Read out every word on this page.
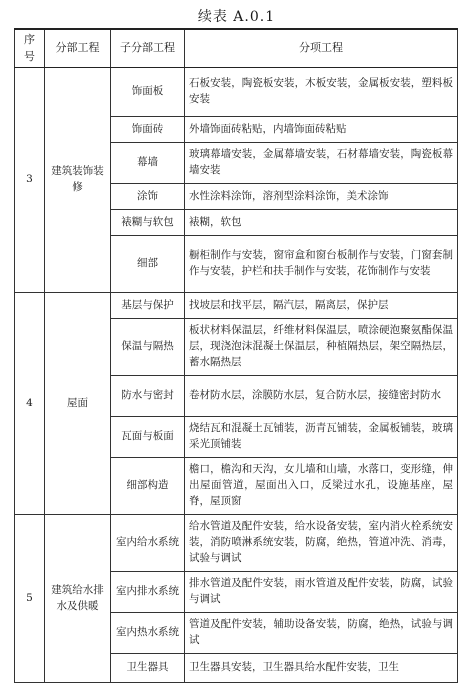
续表 A.0.1
序号	分部工程	子分部工程	分项工程
3	建筑装饰装修	饰面板	石板安装，陶瓷板安装，木板安装，金属板安装，塑料板安装
		饰面砖	外墙饰面砖粘贴，内墙饰面砖粘贴
		幕墙	玻璃幕墙安装，金属幕墙安装，石材幕墙安装，陶瓷板幕墙安装
		涂饰	水性涂料涂饰，溶剂型涂料涂饰，美术涂饰
		裱糊与软包	裱糊，软包
		细部	橱柜制作与安装，窗帘盒和窗台板制作与安装，门窗套制作与安装，护栏和扶手制作与安装，花饰制作与安装
4	屋面	基层与保护	找坡层和找平层，隔汽层，隔离层，保护层
		保温与隔热	板状材料保温层，纤维材料保温层，喷涂硬泡聚氨酯保温层，现浇泡沫混凝土保温层，种植隔热层，架空隔热层，蓄水隔热层
		防水与密封	卷材防水层，涂膜防水层，复合防水层，接缝密封防水
		瓦面与板面	烧结瓦和混凝土瓦铺装，沥青瓦铺装，金属板铺装，玻璃采光顶铺装
		细部构造	檐口，檐沟和天沟，女儿墙和山墙，水落口，变形缝，伸出屋面管道，屋面出入口，反梁过水孔，设施基座，屋脊，屋顶窗
5	建筑给水排水及供暖	室内给水系统	给水管道及配件安装，给水设备安装，室内消火栓系统安装，消防喷淋系统安装，防腐，绝热，管道冲洗、消毒，试验与调试
		室内排水系统	排水管道及配件安装，雨水管道及配件安装，防腐，试验与调试
		室内热水系统	管道及配件安装，辅助设备安装，防腐，绝热，试验与调试
		卫生器具	卫生器具安装，卫生器具给水配件安装，卫生
